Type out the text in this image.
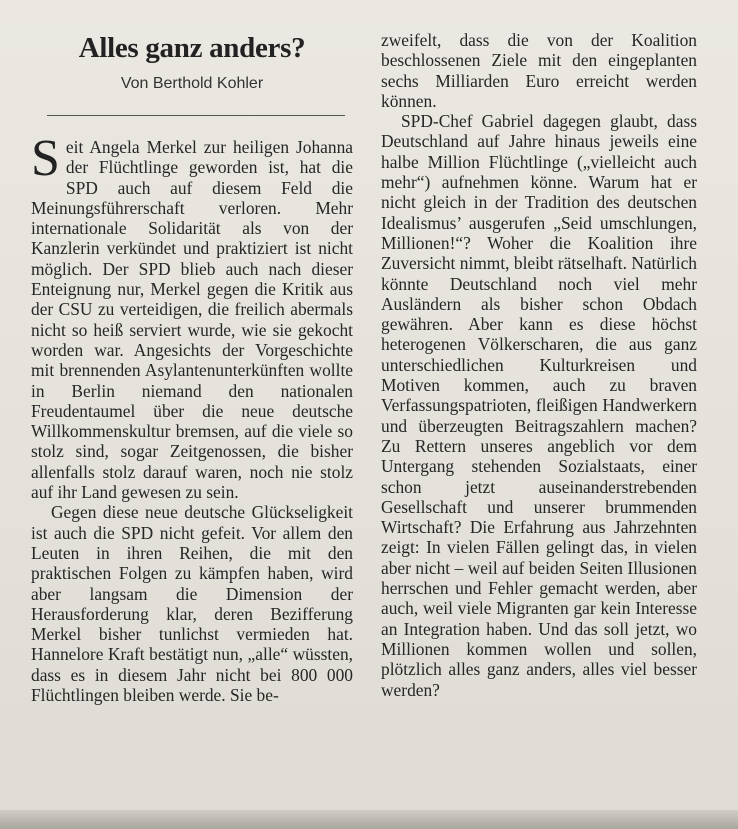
Alles ganz anders?
Von Berthold Kohler

Seit Angela Merkel zur heiligen Johanna der Flüchtlinge geworden ist, hat die SPD auch auf diesem Feld die Meinungsführerschaft verloren. Mehr internationale Solidarität als von der Kanzlerin verkündet und praktiziert ist nicht möglich. Der SPD blieb auch nach dieser Enteignung nur, Merkel gegen die Kritik aus der CSU zu verteidigen, die freilich abermals nicht so heiß serviert wurde, wie sie gekocht worden war. Angesichts der Vorgeschichte mit brennenden Asylantenunterkünften wollte in Berlin niemand den nationalen Freudentaumel über die neue deutsche Willkommenskultur bremsen, auf die viele so stolz sind, sogar Zeitgenossen, die bisher allenfalls stolz darauf waren, noch nie stolz auf ihr Land gewesen zu sein.

Gegen diese neue deutsche Glückseligkeit ist auch die SPD nicht gefeit. Vor allem den Leuten in ihren Reihen, die mit den praktischen Folgen zu kämpfen haben, wird aber langsam die Dimension der Herausforderung klar, deren Bezifferung Merkel bisher tunlichst vermieden hat. Hannelore Kraft bestätigt nun, „alle“ wüssten, dass es in diesem Jahr nicht bei 800 000 Flüchtlingen bleiben werde. Sie be-

zweifelt, dass die von der Koalition beschlossenen Ziele mit den eingeplanten sechs Milliarden Euro erreicht werden können.

SPD-Chef Gabriel dagegen glaubt, dass Deutschland auf Jahre hinaus jeweils eine halbe Million Flüchtlinge („vielleicht auch mehr“) aufnehmen könne. Warum hat er nicht gleich in der Tradition des deutschen Idealismus’ ausgerufen „Seid umschlungen, Millionen!“? Woher die Koalition ihre Zuversicht nimmt, bleibt rätselhaft. Natürlich könnte Deutschland noch viel mehr Ausländern als bisher schon Obdach gewähren. Aber kann es diese höchst heterogenen Völkerscharen, die aus ganz unterschiedlichen Kulturkreisen und Motiven kommen, auch zu braven Verfassungspatrioten, fleißigen Handwerkern und überzeugten Beitragszahlern machen? Zu Rettern unseres angeblich vor dem Untergang stehenden Sozialstaats, einer schon jetzt auseinanderstrebenden Gesellschaft und unserer brummenden Wirtschaft? Die Erfahrung aus Jahrzehnten zeigt: In vielen Fällen gelingt das, in vielen aber nicht – weil auf beiden Seiten Illusionen herrschen und Fehler gemacht werden, aber auch, weil viele Migranten gar kein Interesse an Integration haben. Und das soll jetzt, wo Millionen kommen wollen und sollen, plötzlich alles ganz anders, alles viel besser werden?
